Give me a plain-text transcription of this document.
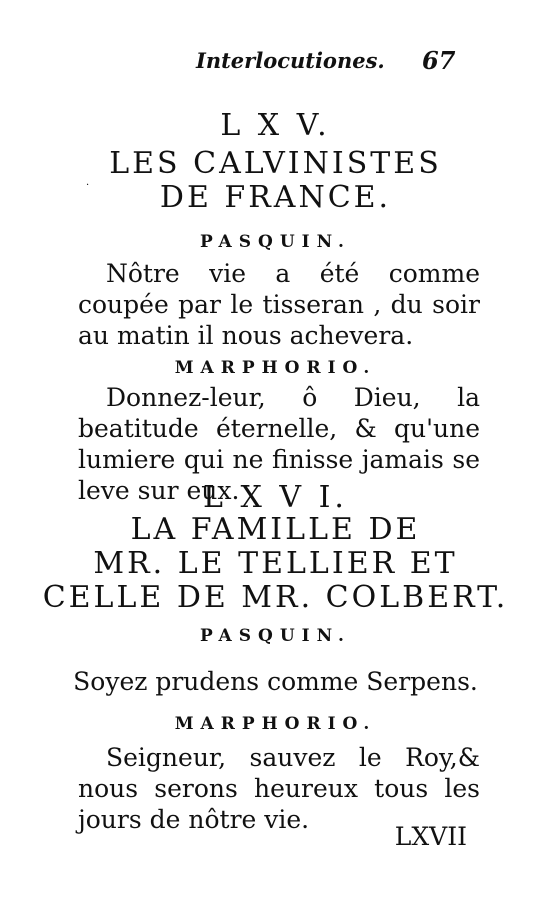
Interlocutiones. 67
L X V.
·
LES CALVINISTES
DE FRANCE.
PASQUIN.
Nôtre vie a été comme coupée par le tisseran , du soir au matin il nous achevera.
MARPHORIO.
Donnez-leur, ô Dieu, la beatitude éternelle, & qu'une lumiere qui ne finisse jamais se leve sur eux.
L X V I.
LA FAMILLE DE
MR. LE TELLIER ET
CELLE DE MR. COLBERT.
PASQUIN.
Soyez prudens comme Serpens.
MARPHORIO.
Seigneur, sauvez le Roy,& nous serons heureux tous les jours de nôtre vie.
LXVII
